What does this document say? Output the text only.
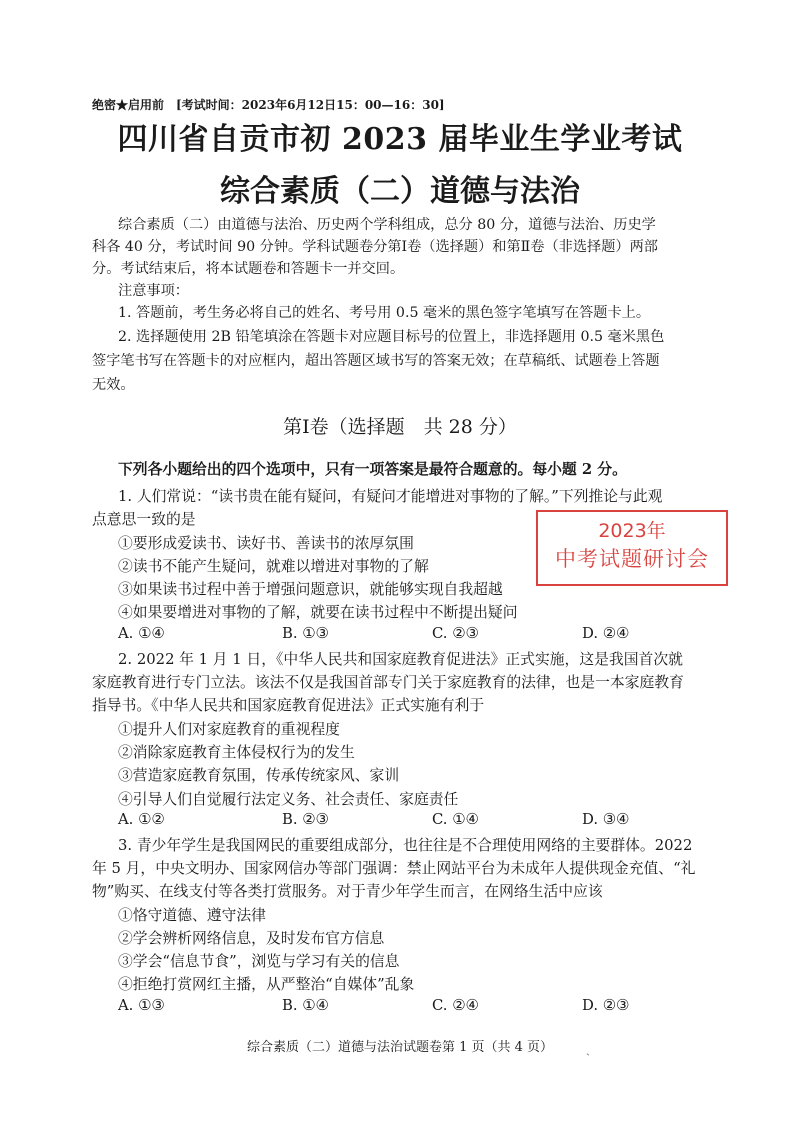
绝密★启用前　[考试时间：2023年6月12日15：00—16：30]
四川省自贡市初 2023 届毕业生学业考试
综合素质（二）道德与法治
综合素质（二）由道德与法治、历史两个学科组成，总分 80 分，道德与法治、历史学
科各 40 分，考试时间 90 分钟。学科试题卷分第Ⅰ卷（选择题）和第Ⅱ卷（非选择题）两部
分。考试结束后，将本试题卷和答题卡一并交回。
注意事项：
1. 答题前，考生务必将自己的姓名、考号用 0.5 毫米的黑色签字笔填写在答题卡上。
2. 选择题使用 2B 铅笔填涂在答题卡对应题目标号的位置上，非选择题用 0.5 毫米黑色
签字笔书写在答题卡的对应框内，超出答题区域书写的答案无效；在草稿纸、试题卷上答题
无效。
第Ⅰ卷（选择题　共 28 分）
下列各小题给出的四个选项中，只有一项答案是最符合题意的。每小题 2 分。
1. 人们常说：“读书贵在能有疑问，有疑问才能增进对事物的了解。”下列推论与此观
点意思一致的是
①要形成爱读书、读好书、善读书的浓厚氛围
②读书不能产生疑问，就难以增进对事物的了解
③如果读书过程中善于增强问题意识，就能够实现自我超越
④如果要增进对事物的了解，就要在读书过程中不断提出疑问
A. ①④	B. ①③	C. ②③	D. ②④
2. 2022 年 1 月 1 日，《中华人民共和国家庭教育促进法》正式实施，这是我国首次就
家庭教育进行专门立法。该法不仅是我国首部专门关于家庭教育的法律，也是一本家庭教育
指导书。《中华人民共和国家庭教育促进法》正式实施有利于
①提升人们对家庭教育的重视程度
②消除家庭教育主体侵权行为的发生
③营造家庭教育氛围，传承传统家风、家训
④引导人们自觉履行法定义务、社会责任、家庭责任
A. ①②	B. ②③	C. ①④	D. ③④
3. 青少年学生是我国网民的重要组成部分，也往往是不合理使用网络的主要群体。2022
年 5 月，中央文明办、国家网信办等部门强调：禁止网站平台为未成年人提供现金充值、“礼
物”购买、在线支付等各类打赏服务。对于青少年学生而言，在网络生活中应该
①恪守道德、遵守法律
②学会辨析网络信息，及时发布官方信息
③学会“信息节食”，浏览与学习有关的信息
④拒绝打赏网红主播，从严整治“自媒体”乱象
A. ①③	B. ①④	C. ②④	D. ②③
2023年
中考试题研讨会
综合素质（二）道德与法治试题卷第 1 页（共 4 页）	ˎ
